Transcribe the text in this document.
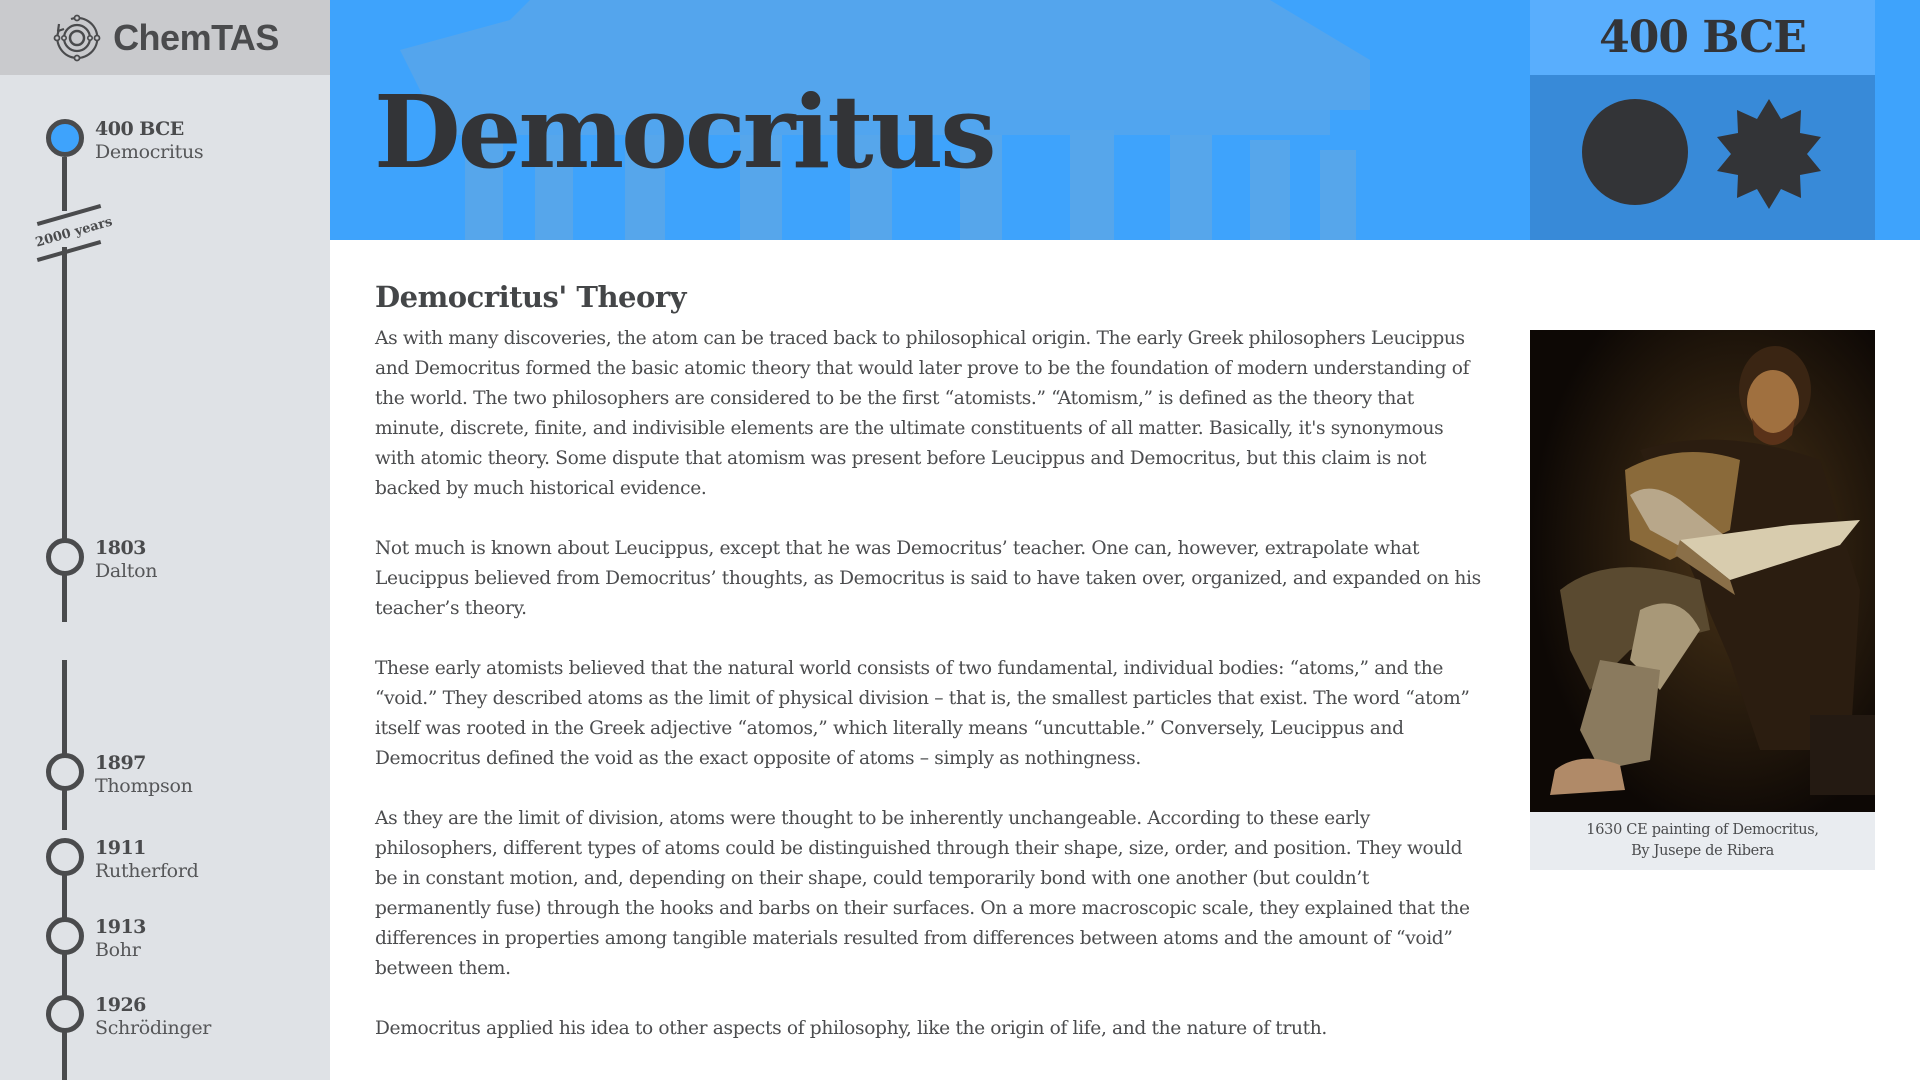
ChemTAS
2000 years
400 BCE
Democritus
1803
Dalton
1897
Thompson
1911
Rutherford
1913
Bohr
1926
Schrödinger
Democritus
400 BCE
Democritus' Theory

As with many discoveries, the atom can be traced back to philosophical origin. The early Greek philosophers Leucippus and Democritus formed the basic atomic theory that would later prove to be the foundation of modern understanding of the world. The two philosophers are considered to be the first “atomists.” “Atomism,” is defined as the theory that minute, discrete, finite, and indivisible elements are the ultimate constituents of all matter. Basically, it's synonymous with atomic theory. Some dispute that atomism was present before Leucippus and Democritus, but this claim is not backed by much historical evidence.

Not much is known about Leucippus, except that he was Democritus’ teacher. One can, however, extrapolate what Leucippus believed from Democritus’ thoughts, as Democritus is said to have taken over, organized, and expanded on his teacher’s theory.

These early atomists believed that the natural world consists of two fundamental, individual bodies: “atoms,” and the “void.” They described atoms as the limit of physical division – that is, the smallest particles that exist. The word “atom” itself was rooted in the Greek adjective “atomos,” which literally means “uncuttable.” Conversely, Leucippus and Democritus defined the void as the exact opposite of atoms – simply as nothingness.

As they are the limit of division, atoms were thought to be inherently unchangeable. According to these early philosophers, different types of atoms could be distinguished through their shape, size, order, and position. They would be in constant motion, and, depending on their shape, could temporarily bond with one another (but couldn’t permanently fuse) through the hooks and barbs on their surfaces. On a more macroscopic scale, they explained that the differences in properties among tangible materials resulted from differences between atoms and the amount of “void” between them.

Democritus applied his idea to other aspects of philosophy, like the origin of life, and the nature of truth.

1630 CE painting of Democritus,
By Jusepe de Ribera
